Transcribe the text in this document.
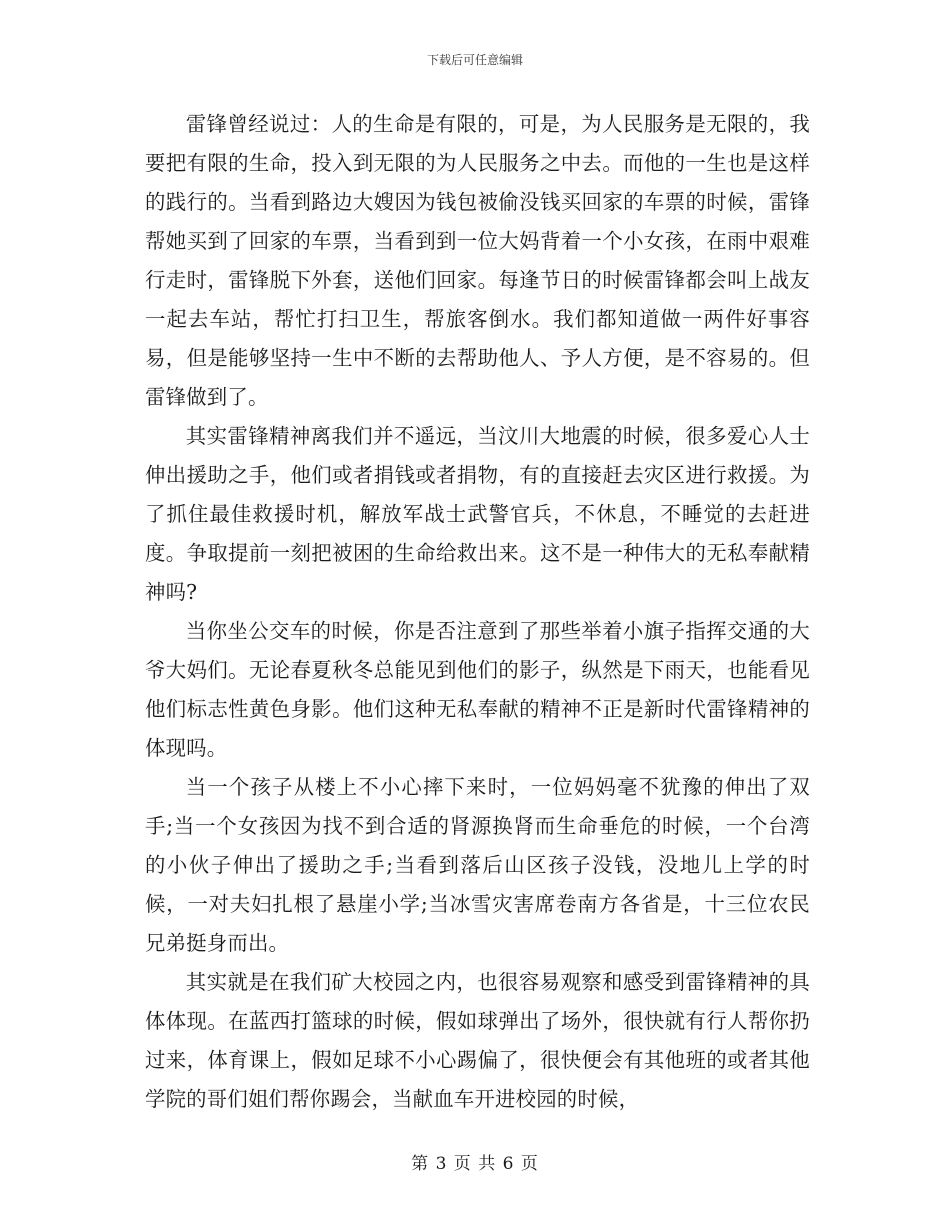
下载后可任意编辑

雷锋曾经说过：人的生命是有限的，可是，为人民服务是无限的，我要把有限的生命，投入到无限的为人民服务之中去。而他的一生也是这样的践行的。当看到路边大嫂因为钱包被偷没钱买回家的车票的时候，雷锋帮她买到了回家的车票，当看到到一位大妈背着一个小女孩，在雨中艰难行走时，雷锋脱下外套，送他们回家。每逢节日的时候雷锋都会叫上战友一起去车站，帮忙打扫卫生，帮旅客倒水。我们都知道做一两件好事容易，但是能够坚持一生中不断的去帮助他人、予人方便，是不容易的。但雷锋做到了。

其实雷锋精神离我们并不遥远，当汶川大地震的时候，很多爱心人士伸出援助之手，他们或者捐钱或者捐物，有的直接赶去灾区进行救援。为了抓住最佳救援时机，解放军战士武警官兵，不休息，不睡觉的去赶进度。争取提前一刻把被困的生命给救出来。这不是一种伟大的无私奉献精神吗?

当你坐公交车的时候，你是否注意到了那些举着小旗子指挥交通的大爷大妈们。无论春夏秋冬总能见到他们的影子，纵然是下雨天，也能看见他们标志性黄色身影。他们这种无私奉献的精神不正是新时代雷锋精神的体现吗。

当一个孩子从楼上不小心摔下来时，一位妈妈毫不犹豫的伸出了双手;当一个女孩因为找不到合适的肾源换肾而生命垂危的时候，一个台湾的小伙子伸出了援助之手;当看到落后山区孩子没钱，没地儿上学的时候，一对夫妇扎根了悬崖小学;当冰雪灾害席卷南方各省是，十三位农民兄弟挺身而出。

其实就是在我们矿大校园之内，也很容易观察和感受到雷锋精神的具体体现。在蓝西打篮球的时候，假如球弹出了场外，很快就有行人帮你扔过来，体育课上，假如足球不小心踢偏了，很快便会有其他班的或者其他学院的哥们姐们帮你踢会，当献血车开进校园的时候，

第 3 页 共 6 页
